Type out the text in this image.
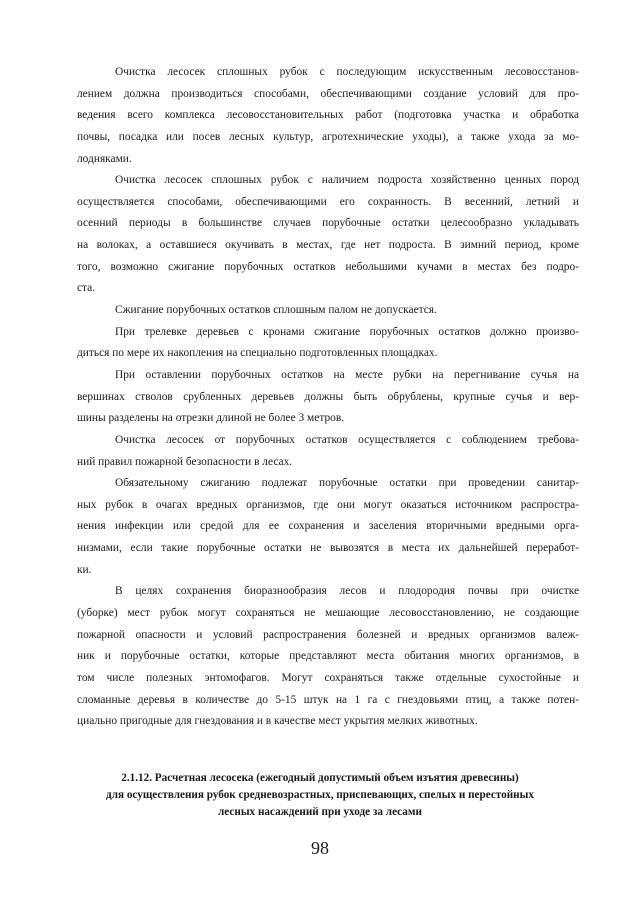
Очистка лесосек сплошных рубок с последующим искусственным лесовосстанов-
лением должна производиться способами, обеспечивающими создание условий для про-
ведения всего комплекса лесовосстановительных работ (подготовка участка и обработка
почвы, посадка или посев лесных культур, агротехнические уходы), а также ухода за мо-
лодняками.
Очистка лесосек сплошных рубок с наличием подроста хозяйственно ценных пород
осуществляется способами, обеспечивающими его сохранность. В весенний, летний и
осенний периоды в большинстве случаев порубочные остатки целесообразно укладывать
на волоках, а оставшиеся окучивать в местах, где нет подроста. В зимний период, кроме
того, возможно сжигание порубочных остатков небольшими кучами в местах без подро-
ста.
Сжигание порубочных остатков сплошным палом не допускается.
При трелевке деревьев с кронами сжигание порубочных остатков должно произво-
диться по мере их накопления на специально подготовленных площадках.
При оставлении порубочных остатков на месте рубки на перегнивание сучья на
вершинах стволов срубленных деревьев должны быть обрублены, крупные сучья и вер-
шины разделены на отрезки длиной не более 3 метров.
Очистка лесосек от порубочных остатков осуществляется с соблюдением требова-
ний правил пожарной безопасности в лесах.
Обязательному сжиганию подлежат порубочные остатки при проведении санитар-
ных рубок в очагах вредных организмов, где они могут оказаться источником распростра-
нения инфекции или средой для ее сохранения и заселения вторичными вредными орга-
низмами, если такие порубочные остатки не вывозятся в места их дальнейшей переработ-
ки.
В целях сохранения биоразнообразия лесов и плодородия почвы при очистке
(уборке) мест рубок могут сохраняться не мешающие лесовосстановлению, не создающие
пожарной опасности и условий распространения болезней и вредных организмов валеж-
ник и порубочные остатки, которые представляют места обитания многих организмов, в
том числе полезных энтомофагов. Могут сохраняться также отдельные сухостойные и
сломанные деревья в количестве до 5-15 штук на 1 га с гнездовьями птиц, а также потен-
циально пригодные для гнездования и в качестве мест укрытия мелких животных.
2.1.12. Расчетная лесосека (ежегодный допустимый объем изъятия древесины)
для осуществления рубок средневозрастных, приспевающих, спелых и перестойных
лесных насаждений при уходе за лесами
98
